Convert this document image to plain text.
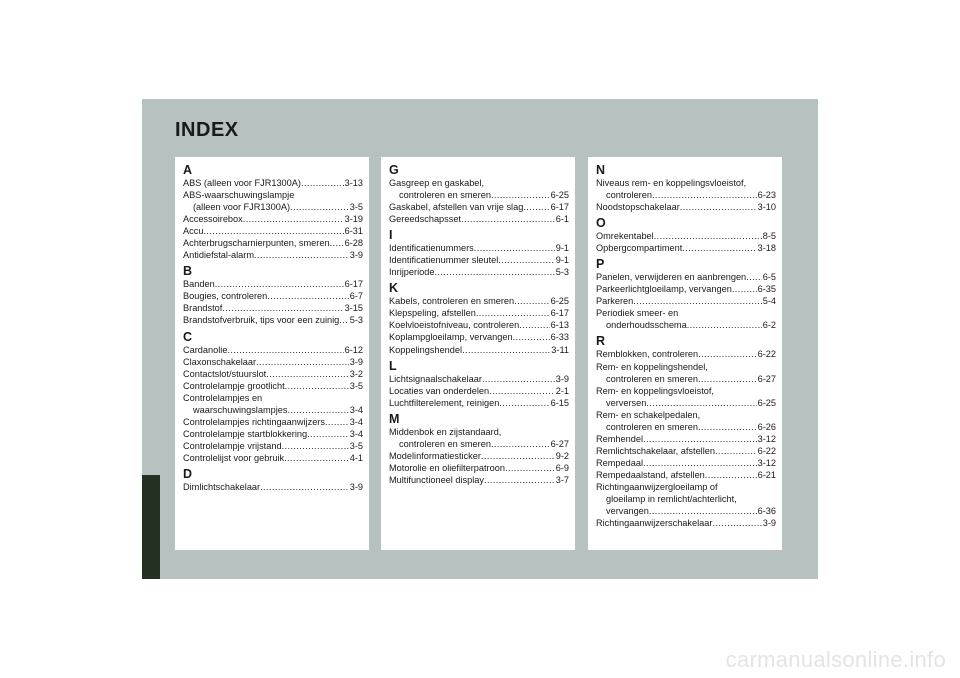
INDEX
A
ABS (alleen voor FJR1300A) .....	3-13
ABS-waarschuwingslampje
(alleen voor FJR1300A) .....	3-5
Accessoirebox .....	3-19
Accu .....	6-31
Achterbrugscharnierpunten, smeren ..... 6-28
Antidiefstal-alarm .....	3-9
B
Banden .....	6-17
Bougies, controleren .....	6-7
Brandstof .....	3-15
Brandstofverbruik, tips voor een zuinig ..... 5-3
C
Cardanolie .....	6-12
Claxonschakelaar .....	3-9
Contactslot/stuurslot .....	3-2
Controlelampje grootlicht .....	3-5
Controlelampjes en
waarschuwingslampjes .....	3-4
Controlelampjes richtingaanwijzers .....	3-4
Controlelampje startblokkering .....	3-4
Controlelampje vrijstand .....	3-5
Controlelijst voor gebruik .....	4-1
D
Dimlichtschakelaar .....	3-9
G
Gasgreep en gaskabel,
controleren en smeren .....	6-25
Gaskabel, afstellen van vrije slag .....	6-17
Gereedschapsset .....	6-1
I
Identificatienummers .....	9-1
Identificatienummer sleutel .....	9-1
Inrijperiode .....	5-3
K
Kabels, controleren en smeren .....	6-25
Klepspeling, afstellen .....	6-17
Koelvloeistofniveau, controleren .....	6-13
Koplampgloeilamp, vervangen .....	6-33
Koppelingshendel .....	3-11
L
Lichtsignaalschakelaar .....	3-9
Locaties van onderdelen .....	2-1
Luchtfilterelement, reinigen .....	6-15
M
Middenbok en zijstandaard,
controleren en smeren .....	6-27
Modelinformatiesticker .....	9-2
Motorolie en oliefilterpatroon .....	6-9
Multifunctioneel display .....	3-7
N
Niveaus rem- en koppelingsvloeistof,
controleren .....	6-23
Noodstopschakelaar .....	3-10
O
Omrekentabel .....	8-5
Opbergcompartiment .....	3-18
P
Panelen, verwijderen en aanbrengen ..... 6-5
Parkeerlichtgloeilamp, vervangen .....	6-35
Parkeren .....	5-4
Periodiek smeer- en
onderhoudsschema .....	6-2
R
Remblokken, controleren .....	6-22
Rem- en koppelingshendel,
controleren en smeren .....	6-27
Rem- en koppelingsvloeistof,
verversen .....	6-25
Rem- en schakelpedalen,
controleren en smeren .....	6-26
Remhendel .....	3-12
Remlichtschakelaar, afstellen .....	6-22
Rempedaal .....	3-12
Rempedaalstand, afstellen .....	6-21
Richtingaanwijzergloeilamp of
gloeilamp in remlicht/achterlicht,
vervangen .....	6-36
Richtingaanwijzerschakelaar .....	3-9
carmanualsonline.info
